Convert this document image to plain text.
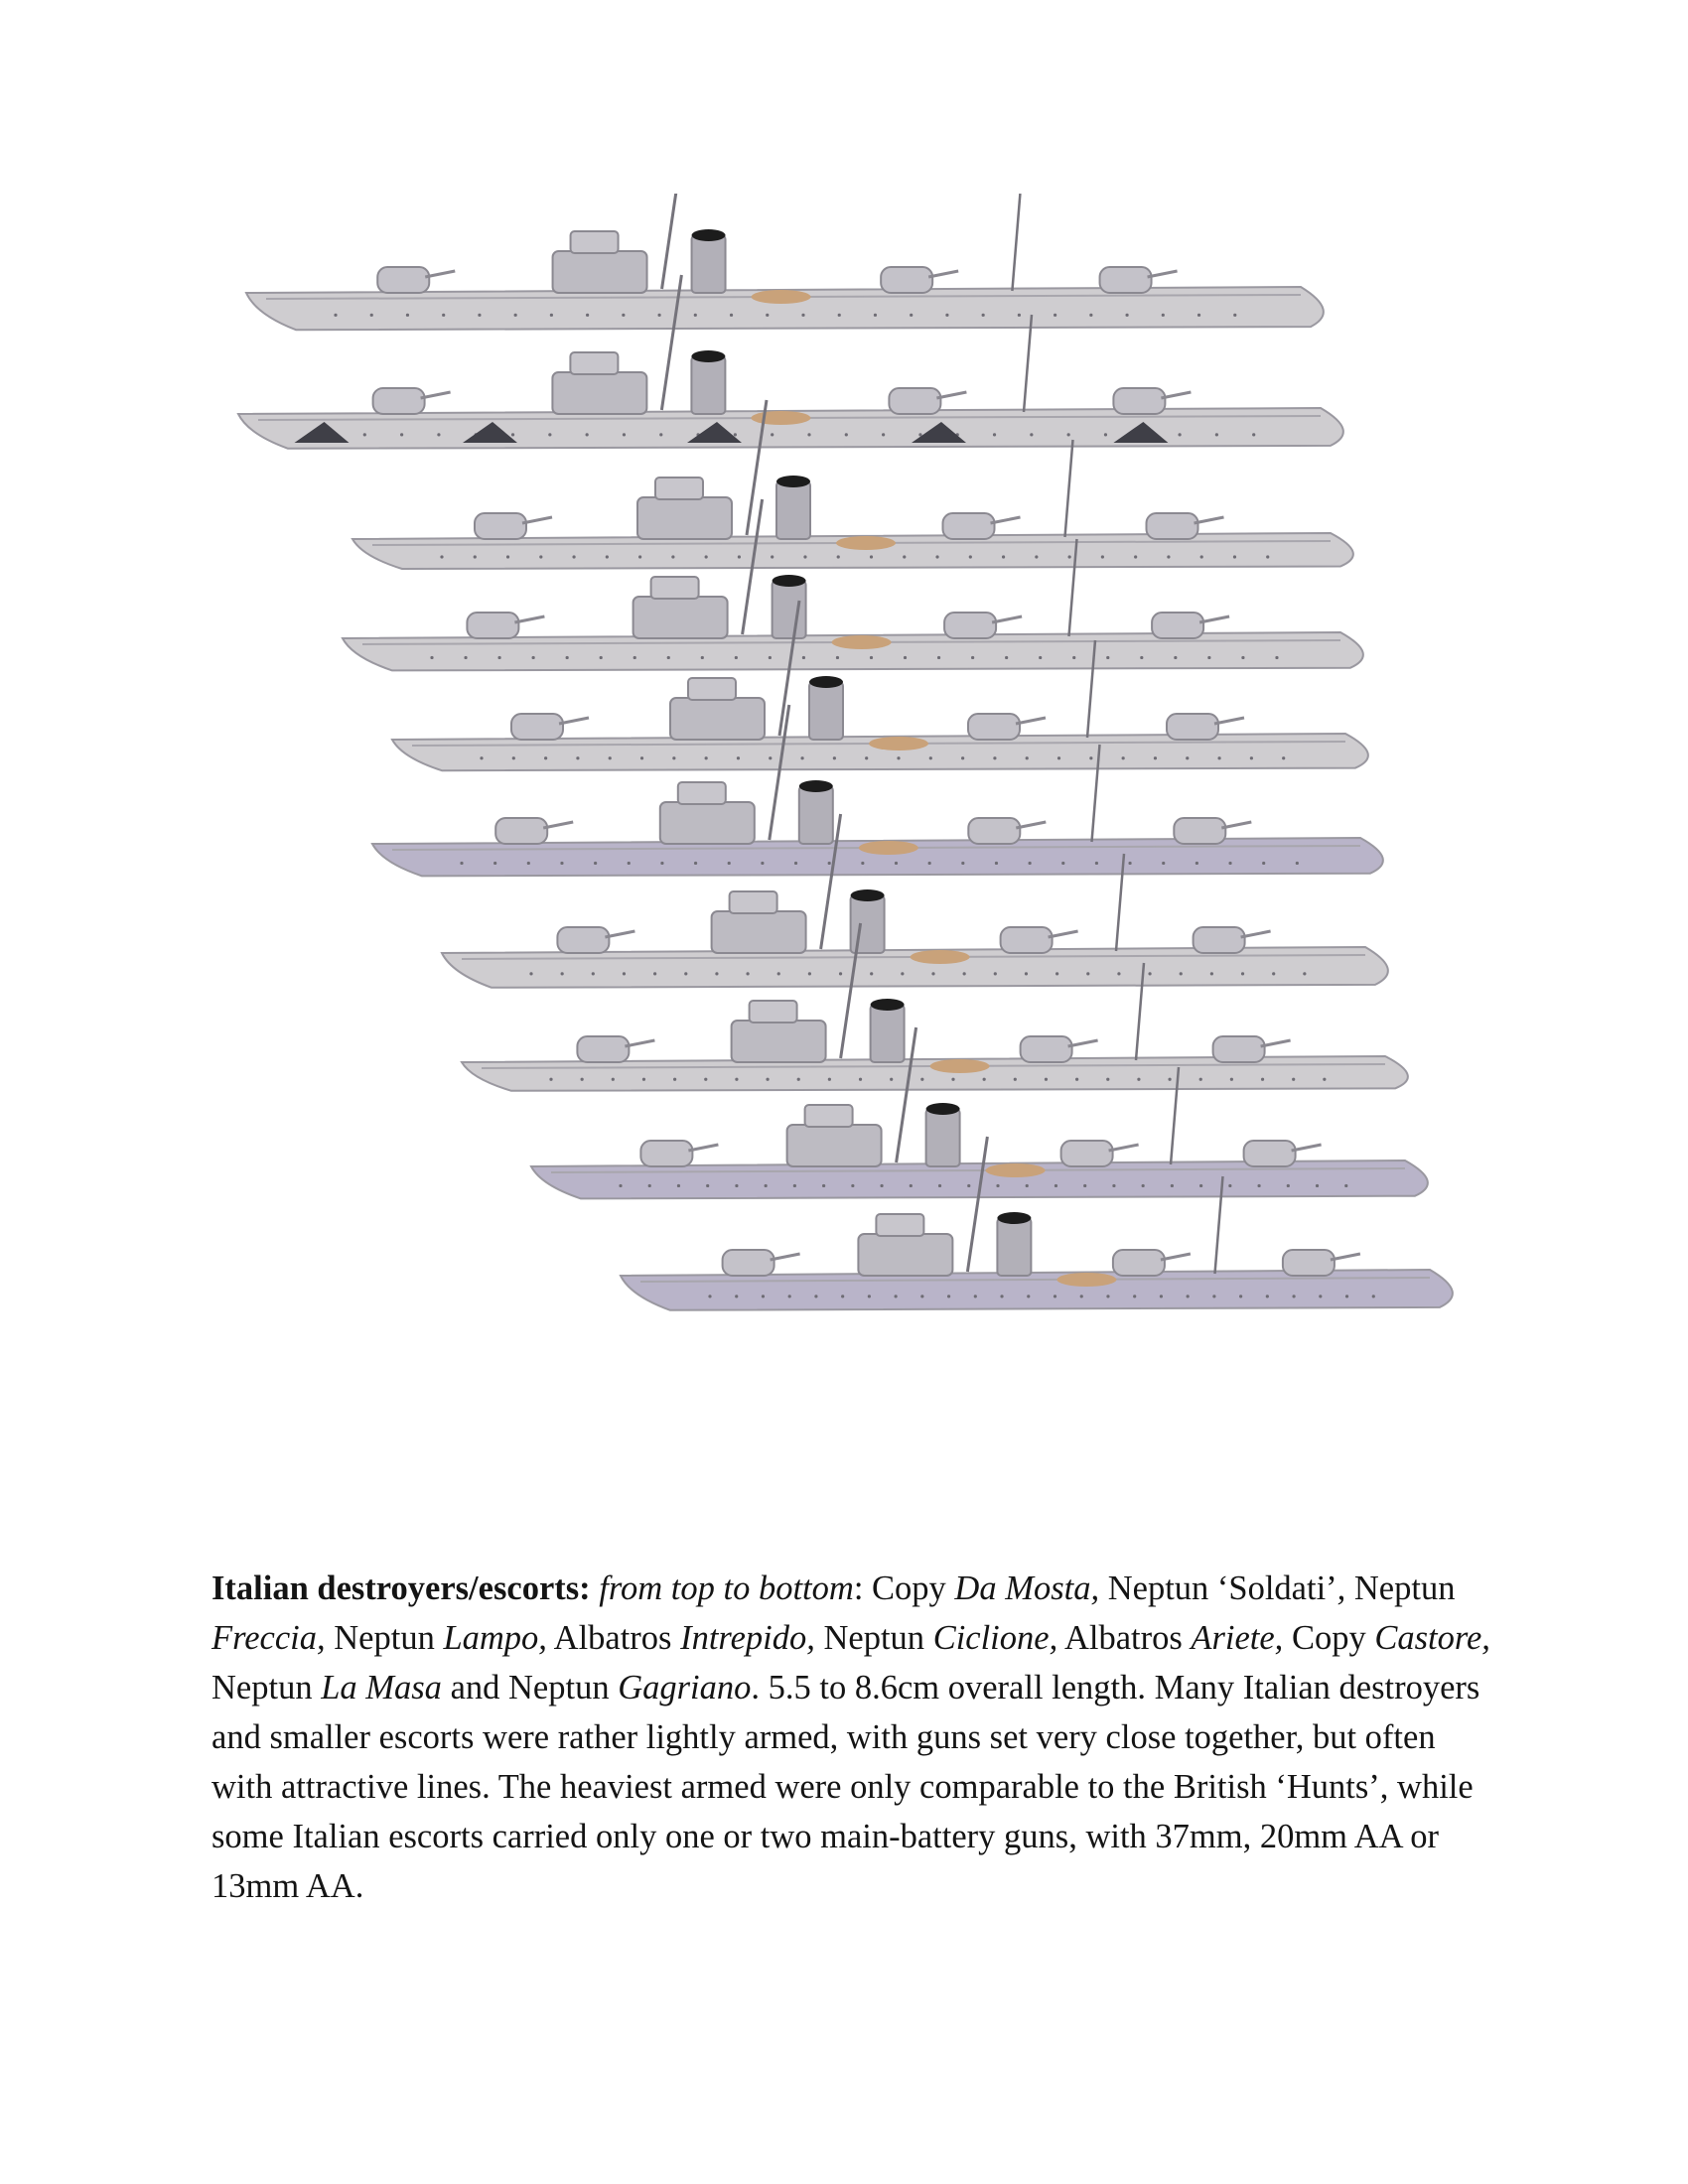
Italian destroyers/escorts: from top to bottom: Copy Da Mosta, Neptun ‘Soldati’, Neptun Freccia, Neptun Lampo, Albatros Intrepido, Neptun Ciclione, Albatros Ariete, Copy Castore, Neptun La Masa and Neptun Gagriano. 5.5 to 8.6cm overall length. Many Italian destroyers and smaller escorts were rather lightly armed, with guns set very close together, but often with attractive lines. The heaviest armed were only comparable to the British ‘Hunts’, while some Italian escorts carried only one or two main-battery guns, with 37mm, 20mm AA or 13mm AA.
